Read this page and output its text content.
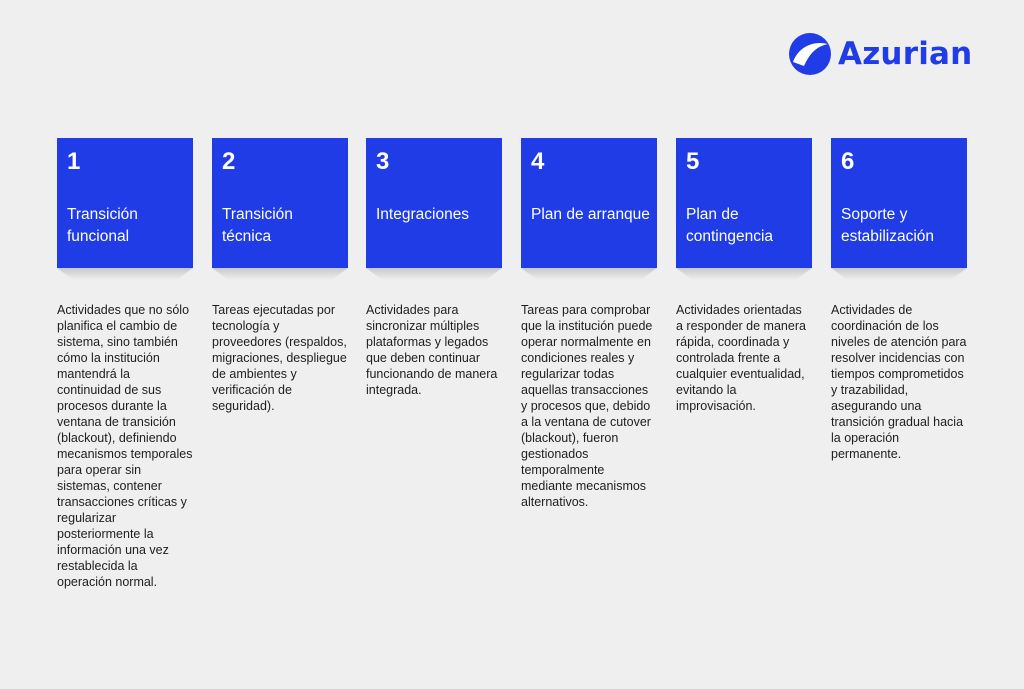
Azurian
1
Transición funcional
Actividades que no sólo planifica el cambio de sistema, sino también cómo la institución mantendrá la continuidad de sus procesos durante la ventana de transición (blackout), definiendo mecanismos temporales para operar sin sistemas, contener transacciones críticas y regularizar posteriormente la información una vez restablecida la operación normal.
2
Transición técnica
Tareas ejecutadas por tecnología y proveedores (respaldos, migraciones, despliegue de ambientes y verificación de seguridad).
3
Integraciones
Actividades para sincronizar múltiples plataformas y legados que deben continuar funcionando de manera integrada.
4
Plan de arranque
Tareas para comprobar que la institución puede operar normalmente en condiciones reales y regularizar todas aquellas transacciones y procesos que, debido a la ventana de cutover (blackout), fueron gestionados temporalmente mediante mecanismos alternativos.
5
Plan de contingencia
Actividades orientadas a responder de manera rápida, coordinada y controlada frente a cualquier eventualidad, evitando la improvisación.
6
Soporte y estabilización
Actividades de coordinación de los niveles de atención para resolver incidencias con tiempos comprometidos y trazabilidad, asegurando una transición gradual hacia la operación permanente.
